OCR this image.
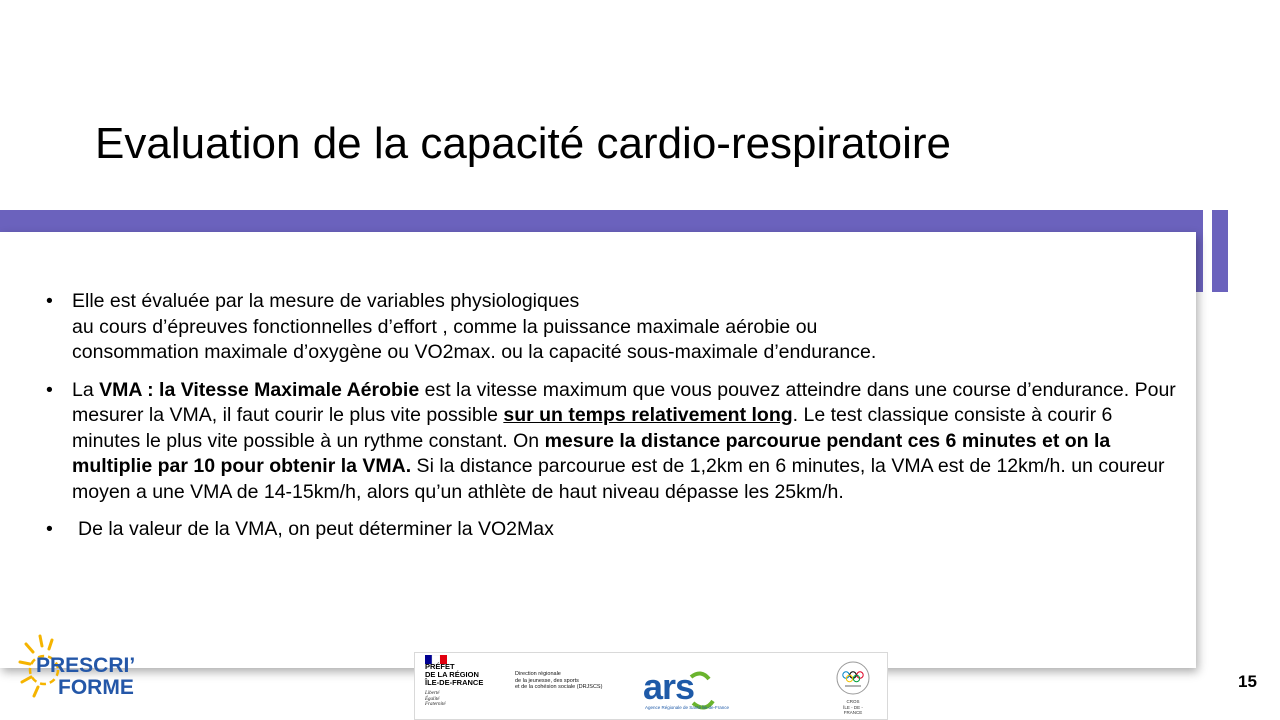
Evaluation de la capacité cardio-respiratoire
• Elle est évaluée par la mesure de variables physiologiques
au cours d’épreuves fonctionnelles d’effort , comme la puissance maximale aérobie ou
consommation maximale d’oxygène ou VO2max. ou la capacité sous-maximale d’endurance.
• La VMA : la Vitesse Maximale Aérobie est la vitesse maximum que vous pouvez atteindre dans une course d’endurance. Pour mesurer la VMA, il faut courir le plus vite possible sur un temps relativement long. Le test classique consiste à courir 6 minutes le plus vite possible à un rythme constant. On mesure la distance parcourue pendant ces 6 minutes et on la multiplie par 10 pour obtenir la VMA. Si la distance parcourue est de 1,2km en 6 minutes, la VMA est de 12km/h. un coureur moyen a une VMA de 14-15km/h, alors qu’un athlète de haut niveau dépasse les 25km/h.
• De la valeur de la VMA, on peut déterminer la VO2Max
PRESCRI’
FORME
PRÉFET
DE LA RÉGION
ÎLE-DE-FRANCE
Liberté
Égalité
Fraternité
Direction régionale
de la jeunesse, des sports
et de la cohésion sociale (DRJSCS) ars
Agence Régionale de Santé Île-de-France
CROS
ÎLE - DE -
FRANCE
15
